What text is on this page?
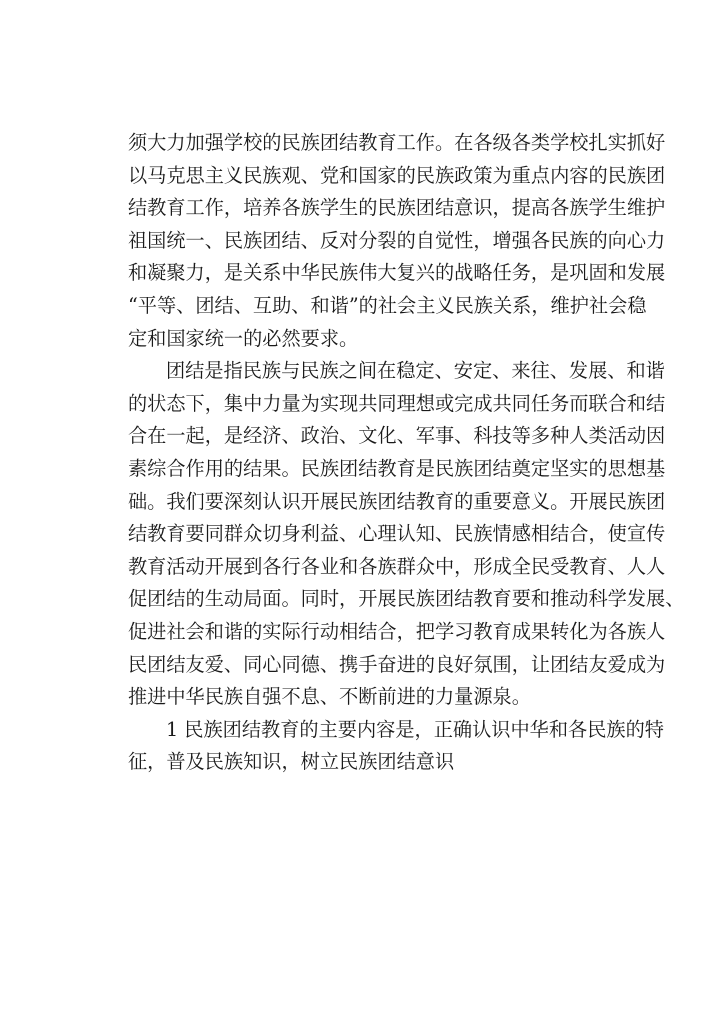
须大力加强学校的民族团结教育工作。在各级各类学校扎实抓好
以马克思主义民族观、党和国家的民族政策为重点内容的民族团
结教育工作，培养各族学生的民族团结意识，提高各族学生维护
祖国统一、民族团结、反对分裂的自觉性，增强各民族的向心力
和凝聚力，是关系中华民族伟大复兴的战略任务，是巩固和发展
“平等、团结、互助、和谐”的社会主义民族关系，维护社会稳
定和国家统一的必然要求。
团结是指民族与民族之间在稳定、安定、来往、发展、和谐
的状态下，集中力量为实现共同理想或完成共同任务而联合和结
合在一起，是经济、政治、文化、军事、科技等多种人类活动因
素综合作用的结果。民族团结教育是民族团结奠定坚实的思想基
础。我们要深刻认识开展民族团结教育的重要意义。开展民族团
结教育要同群众切身利益、心理认知、民族情感相结合，使宣传
教育活动开展到各行各业和各族群众中，形成全民受教育、人人
促团结的生动局面。同时，开展民族团结教育要和推动科学发展、
促进社会和谐的实际行动相结合，把学习教育成果转化为各族人
民团结友爱、同心同德、携手奋进的良好氛围，让团结友爱成为
推进中华民族自强不息、不断前进的力量源泉。
1 民族团结教育的主要内容是，正确认识中华和各民族的特
征，普及民族知识，树立民族团结意识
